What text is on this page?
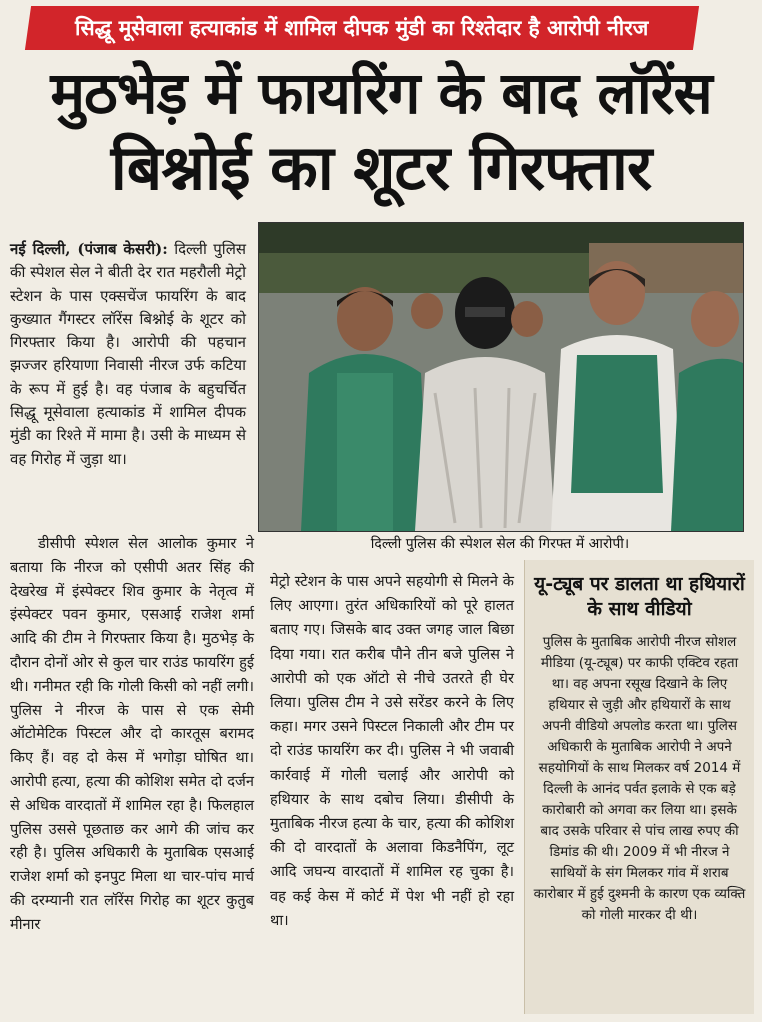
सिद्धू मूसेवाला हत्याकांड में शामिल दीपक मुंडी का रिश्तेदार है आरोपी नीरज
मुठभेड़ में फायरिंग के बाद लॉरेंस
बिश्नोई का शूटर गिरफ्तार

नई दिल्ली, (पंजाब केसरी): दिल्ली पुलिस की स्पेशल सेल ने बीती देर रात महरौली मेट्रो स्टेशन के पास एक्सचेंज फायरिंग के बाद कुख्यात गैंगस्टर लॉरेंस बिश्नोई के शूटर को गिरफ्तार किया है। आरोपी की पहचान झज्जर हरियाणा निवासी नीरज उर्फ कटिया के रूप में हुई है। वह पंजाब के बहुचर्चित सिद्धू मूसेवाला हत्याकांड में शामिल दीपक मुंडी का रिश्ते में मामा है। उसी के माध्यम से वह गिरोह में जुड़ा था।

डीसीपी स्पेशल सेल आलोक कुमार ने बताया कि नीरज को एसीपी अतर सिंह की देखरेख में इंस्पेक्टर शिव कुमार के नेतृत्व में इंस्पेक्टर पवन कुमार, एसआई राजेश शर्मा आदि की टीम ने गिरफ्तार किया है। मुठभेड़ के दौरान दोनों ओर से कुल चार राउंड फायरिंग हुई थी। गनीमत रही कि गोली किसी को नहीं लगी। पुलिस ने नीरज के पास से एक सेमी ऑटोमेटिक पिस्टल और दो कारतूस बरामद किए हैं। वह दो केस में भगोड़ा घोषित था। आरोपी हत्या, हत्या की कोशिश समेत दो दर्जन से अधिक वारदातों में शामिल रहा है। फिलहाल पुलिस उससे पूछताछ कर आगे की जांच कर रही है। पुलिस अधिकारी के मुताबिक एसआई राजेश शर्मा को इनपुट मिला था चार-पांच मार्च की दरम्यानी रात लॉरेंस गिरोह का शूटर कुतुब मीनार

मेट्रो स्टेशन के पास अपने सहयोगी से मिलने के लिए आएगा। तुरंत अधिकारियों को पूरे हालत बताए गए। जिसके बाद उक्त जगह जाल बिछा दिया गया। रात करीब पौने तीन बजे पुलिस ने आरोपी को एक ऑटो से नीचे उतरते ही घेर लिया। पुलिस टीम ने उसे सरेंडर करने के लिए कहा। मगर उसने पिस्टल निकाली और टीम पर दो राउंड फायरिंग कर दी। पुलिस ने भी जवाबी कार्रवाई में गोली चलाई और आरोपी को हथियार के साथ दबोच लिया। डीसीपी के मुताबिक नीरज हत्या के चार, हत्या की कोशिश की दो वारदातों के अलावा किडनैपिंग, लूट आदि जघन्य वारदातों में शामिल रह चुका है। वह कई केस में कोर्ट में पेश भी नहीं हो रहा था।

दिल्ली पुलिस की स्पेशल सेल की गिरफ्त में आरोपी।
यू-ट्यूब पर डालता था हथियारों के साथ वीडियो
पुलिस के मुताबिक आरोपी नीरज सोशल मीडिया (यू-ट्यूब) पर काफी एक्टिव रहता था। वह अपना रसूख दिखाने के लिए हथियार से जुड़ी और हथियारों के साथ अपनी वीडियो अपलोड करता था। पुलिस अधिकारी के मुताबिक आरोपी ने अपने सहयोगियों के साथ मिलकर वर्ष 2014 में दिल्ली के आनंद पर्वत इलाके से एक बड़े कारोबारी को अगवा कर लिया था। इसके बाद उसके परिवार से पांच लाख रुपए की डिमांड की थी। 2009 में भी नीरज ने साथियों के संग मिलकर गांव में शराब कारोबार में हुई दुश्मनी के कारण एक व्यक्ति को गोली मारकर दी थी।
